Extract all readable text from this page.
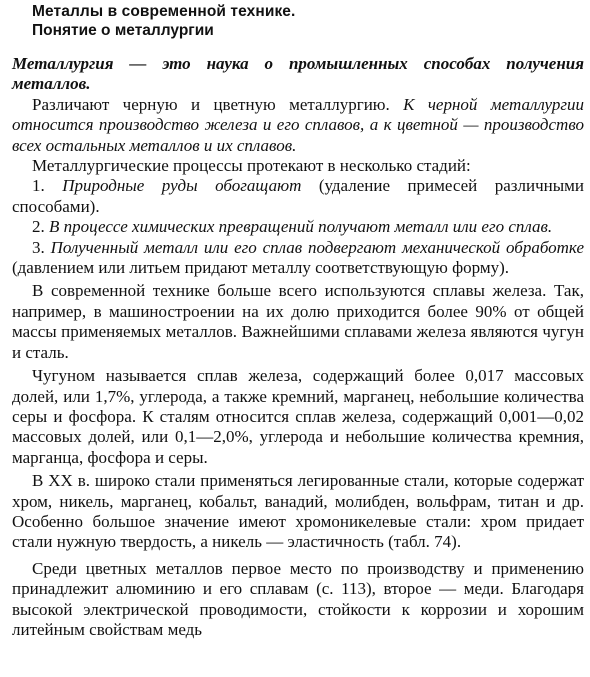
Металлы в современной технике.
Понятие о металлургии

Металлургия — это наука о промышленных способах получения металлов.

Различают черную и цветную металлургию. К черной металлургии относится производство железа и его сплавов, а к цветной — производство всех остальных металлов и их сплавов.

Металлургические процессы протекают в несколько стадий:

1. Природные руды обогащают (удаление примесей различными способами).

2. В процессе химических превращений получают металл или его сплав.

3. Полученный металл или его сплав подвергают механической обработке (давлением или литьем придают металлу соответствующую форму).

В современной технике больше всего используются сплавы железа. Так, например, в машиностроении на их долю приходится более 90% от общей массы применяемых металлов. Важнейшими сплавами железа являются чугун и сталь.

Чугуном называется сплав железа, содержащий более 0,017 массовых долей, или 1,7%, углерода, а также кремний, марганец, небольшие количества серы и фосфора. К сталям относится сплав железа, содержащий 0,001—0,02 массовых долей, или 0,1—2,0%, углерода и небольшие количества кремния, марганца, фосфора и серы.

В XX в. широко стали применяться легированные стали, которые содержат хром, никель, марганец, кобальт, ванадий, молибден, вольфрам, титан и др. Особенно большое значение имеют хромоникелевые стали: хром придает стали нужную твердость, а никель — эластичность (табл. 74).

Среди цветных металлов первое место по производству и применению принадлежит алюминию и его сплавам (с. 113), второе — меди. Благодаря высокой электрической проводимости, стойкости к коррозии и хорошим литейным свойствам медь
